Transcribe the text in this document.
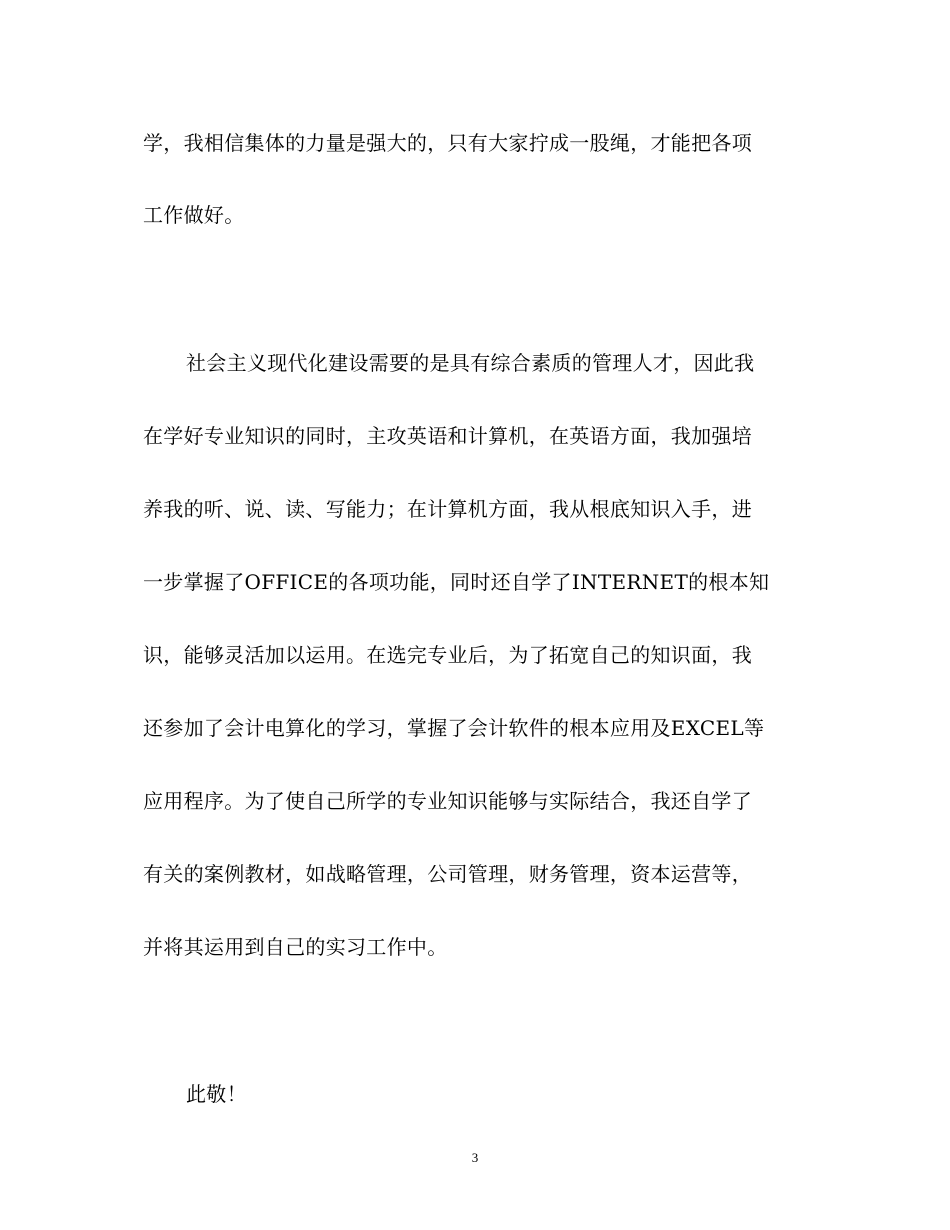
学，我相信集体的力量是强大的，只有大家拧成一股绳，才能把各项
工作做好。
社会主义现代化建设需要的是具有综合素质的管理人才，因此我
在学好专业知识的同时，主攻英语和计算机，在英语方面，我加强培
养我的听、说、读、写能力；在计算机方面，我从根底知识入手，进
一步掌握了OFFICE的各项功能，同时还自学了INTERNET的根本知
识，能够灵活加以运用。在选完专业后，为了拓宽自己的知识面，我
还参加了会计电算化的学习，掌握了会计软件的根本应用及EXCEL等
应用程序。为了使自己所学的专业知识能够与实际结合，我还自学了
有关的案例教材，如战略管理，公司管理，财务管理，资本运营等，
并将其运用到自己的实习工作中。
此敬！
3
